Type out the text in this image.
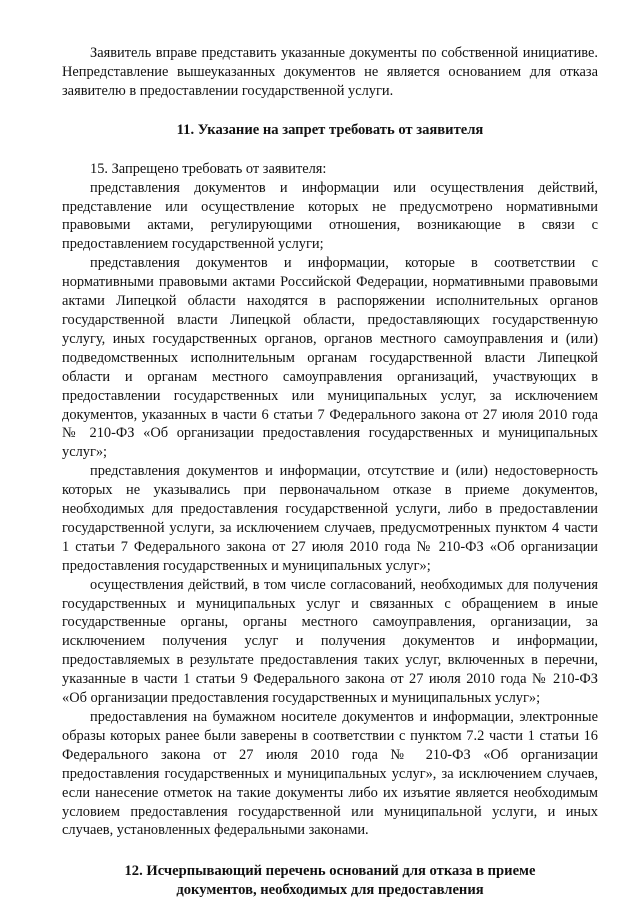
Заявитель вправе представить указанные документы по собственной инициативе. Непредставление вышеуказанных документов не является основанием для отказа заявителю в предоставлении государственной услуги.

11. Указание на запрет требовать от заявителя

15. Запрещено требовать от заявителя:

представления документов и информации или осуществления действий, представление или осуществление которых не предусмотрено нормативными правовыми актами, регулирующими отношения, возникающие в связи с предоставлением государственной услуги;

представления документов и информации, которые в соответствии с нормативными правовыми актами Российской Федерации, нормативными правовыми актами Липецкой области находятся в распоряжении исполнительных органов государственной власти Липецкой области, предоставляющих государственную услугу, иных государственных органов, органов местного самоуправления и (или) подведомственных исполнительным органам государственной власти Липецкой области и органам местного самоуправления организаций, участвующих в предоставлении государственных или муниципальных услуг, за исключением документов, указанных в части 6 статьи 7 Федерального закона от 27 июля 2010 года № 210-ФЗ «Об организации предоставления государственных и муниципальных услуг»;

представления документов и информации, отсутствие и (или) недостоверность которых не указывались при первоначальном отказе в приеме документов, необходимых для предоставления государственной услуги, либо в предоставлении государственной услуги, за исключением случаев, предусмотренных пунктом 4 части 1 статьи 7 Федерального закона от 27 июля 2010 года № 210-ФЗ «Об организации предоставления государственных и муниципальных услуг»;

осуществления действий, в том числе согласований, необходимых для получения государственных и муниципальных услуг и связанных с обращением в иные государственные органы, органы местного самоуправления, организации, за исключением получения услуг и получения документов и информации, предоставляемых в результате предоставления таких услуг, включенных в перечни, указанные в части 1 статьи 9 Федерального закона от 27 июля 2010 года № 210-ФЗ «Об организации предоставления государственных и муниципальных услуг»;

предоставления на бумажном носителе документов и информации, электронные образы которых ранее были заверены в соответствии с пунктом 7.2 части 1 статьи 16 Федерального закона от 27 июля 2010 года № 210-ФЗ «Об организации предоставления государственных и муниципальных услуг», за исключением случаев, если нанесение отметок на такие документы либо их изъятие является необходимым условием предоставления государственной или муниципальной услуги, и иных случаев, установленных федеральными законами.

12. Исчерпывающий перечень оснований для отказа в приеме документов, необходимых для предоставления
